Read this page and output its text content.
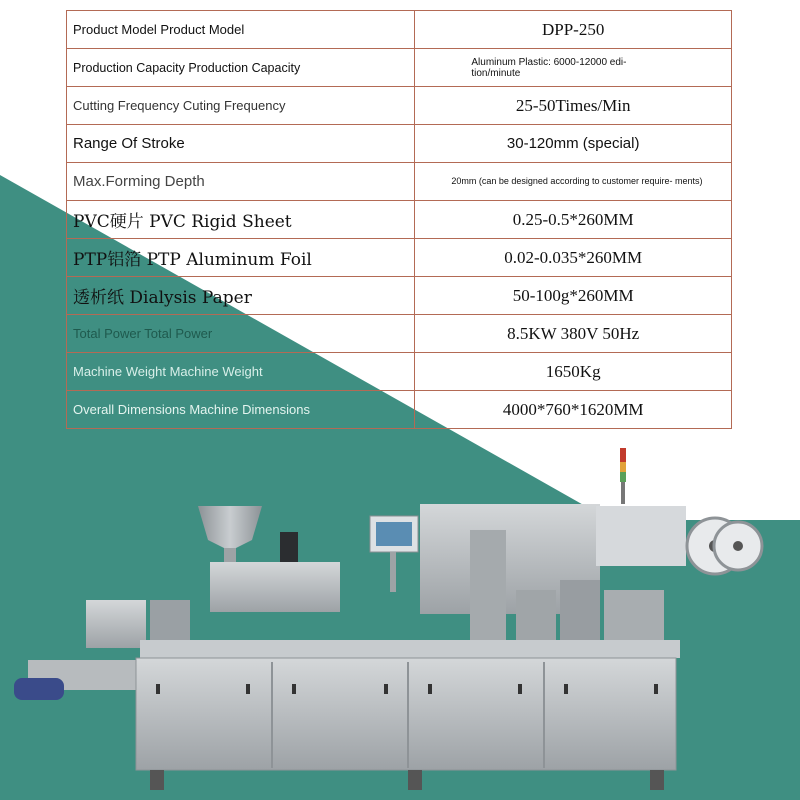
Product Model Product Model	DPP-250
Production Capacity Production Capacity	Aluminum Plastic: 6000-12000 edi- tion/minute
Cutting Frequency Cuting Frequency	25-50Times/Min
Range Of Stroke	30-120mm (special)
Max.Forming Depth	20mm (can be designed according to customer require- ments)
PVC硬片 PVC Rigid Sheet	0.25-0.5*260MM
PTP铝箔 PTP Aluminum Foil	0.02-0.035*260MM
透析纸 Dialysis Paper	50-100g*260MM
Total Power Total Power	8.5KW 380V 50Hz
Machine Weight Machine Weight	1650Kg
Overall Dimensions Machine Dimensions	4000*760*1620MM
